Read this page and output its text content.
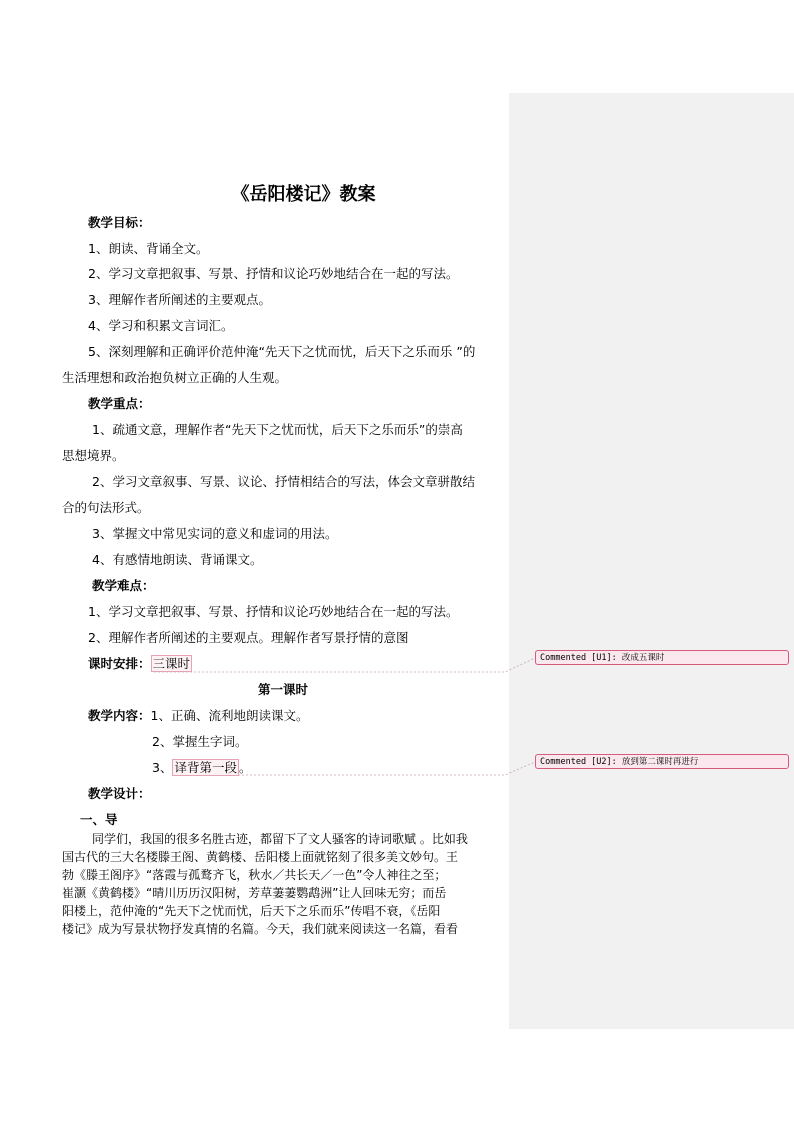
《岳阳楼记》教案
教学目标：
1、朗读、背诵全文。
2、学习文章把叙事、写景、抒情和议论巧妙地结合在一起的写法。
3、理解作者所阐述的主要观点。
4、学习和积累文言词汇。
5、深刻理解和正确评价范仲淹“先天下之忧而忧，后天下之乐而乐 ”的
生活理想和政治抱负树立正确的人生观。
教学重点：
1、疏通文意，理解作者“先天下之忧而忧，后天下之乐而乐”的崇高
思想境界。
2、学习文章叙事、写景、议论、抒情相结合的写法，体会文章骈散结
合的句法形式。
3、掌握文中常见实词的意义和虚词的用法。
4、有感情地朗读、背诵课文。
教学难点：
1、学习文章把叙事、写景、抒情和议论巧妙地结合在一起的写法。
2、理解作者所阐述的主要观点。理解作者写景抒情的意图
课时安排： 三课时
第一课时
教学内容：1、正确、流利地朗读课文。
2、掌握生字词。
3、 译背第一段 。
教学设计：
一、导
同学们，我国的很多名胜古迹，都留下了文人骚客的诗词歌赋 。比如我
国古代的三大名楼滕王阁、黄鹤楼、岳阳楼上面就铭刻了很多美文妙句。王
勃《滕王阁序》“落霞与孤鹜齐飞，秋水／共长天／一色”令人神往之至；
崔灏《黄鹤楼》“晴川历历汉阳树，芳草萋萋鹦鹉洲”让人回味无穷；而岳
阳楼上，范仲淹的“先天下之忧而忧，后天下之乐而乐”传唱不衰，《岳阳
楼记》成为写景状物抒发真情的名篇。今天，我们就来阅读这一名篇，看看
Commented [U1]: 改成五课时
Commented [U2]: 放到第二课时再进行
